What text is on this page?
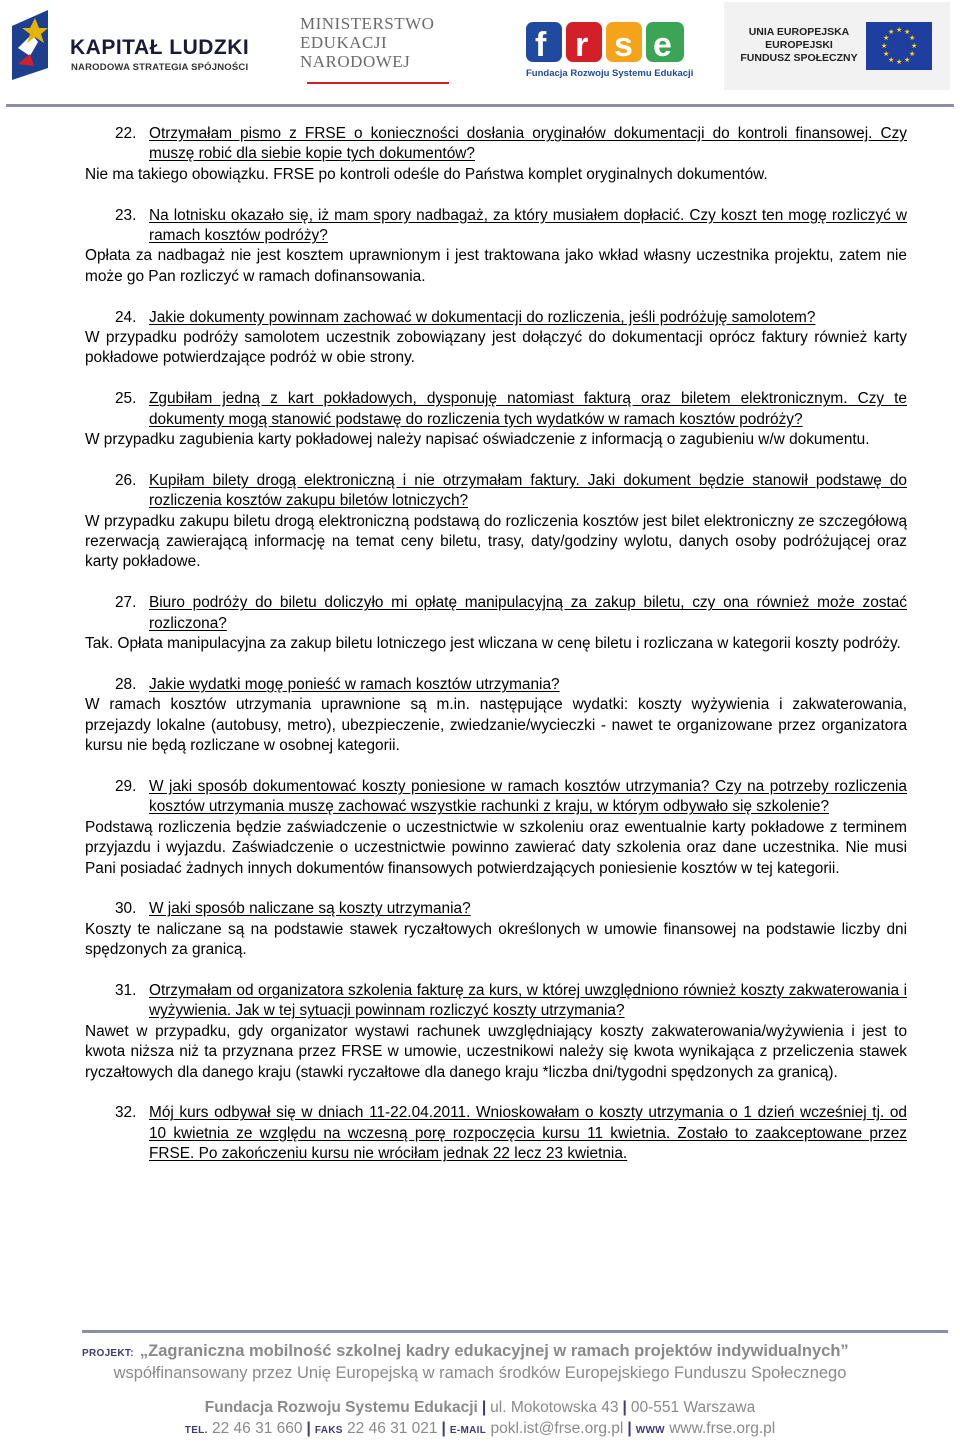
KAPITAŁ LUDZKI
NARODOWA STRATEGIA SPÓJNOŚCI
MINISTERSTWO
EDUKACJI
NARODOWEJ	f r s e
Fundacja Rozwoju Systemu Edukacji
UNIA EUROPEJSKA
EUROPEJSKI
FUNDUSZ SPOŁECZNY
★ ★
★
★
★
★
★
★
★
★
★
★
22. Otrzymałam pismo z FRSE o konieczności dosłania oryginałów dokumentacji do kontroli finansowej. Czy muszę robić dla siebie kopie tych dokumentów?

Nie ma takiego obowiązku. FRSE po kontroli odeśle do Państwa komplet oryginalnych dokumentów.

23. Na lotnisku okazało się, iż mam spory nadbagaż, za który musiałem dopłacić. Czy koszt ten mogę rozliczyć w ramach kosztów podróży?

Opłata za nadbagaż nie jest kosztem uprawnionym i jest traktowana jako wkład własny uczestnika projektu, zatem nie może go Pan rozliczyć w ramach dofinansowania.

24. Jakie dokumenty powinnam zachować w dokumentacji do rozliczenia, jeśli podróżuję samolotem?

W przypadku podróży samolotem uczestnik zobowiązany jest dołączyć do dokumentacji oprócz faktury również karty pokładowe potwierdzające podróż w obie strony.

25. Zgubiłam jedną z kart pokładowych, dysponuję natomiast fakturą oraz biletem elektronicznym. Czy te dokumenty mogą stanowić podstawę do rozliczenia tych wydatków w ramach kosztów podróży?

W przypadku zagubienia karty pokładowej należy napisać oświadczenie z informacją o zagubieniu w/w dokumentu.

26. Kupiłam bilety drogą elektroniczną i nie otrzymałam faktury. Jaki dokument będzie stanowił podstawę do rozliczenia kosztów zakupu biletów lotniczych?

W przypadku zakupu biletu drogą elektroniczną podstawą do rozliczenia kosztów jest bilet elektroniczny ze szczegółową rezerwacją zawierającą informację na temat ceny biletu, trasy, daty/godziny wylotu, danych osoby podróżującej oraz karty pokładowe.

27. Biuro podróży do biletu doliczyło mi opłatę manipulacyjną za zakup biletu, czy ona również może zostać rozliczona?

Tak. Opłata manipulacyjna za zakup biletu lotniczego jest wliczana w cenę biletu i rozliczana w kategorii koszty podróży.

28. Jakie wydatki mogę ponieść w ramach kosztów utrzymania?

W ramach kosztów utrzymania uprawnione są m.in. następujące wydatki: koszty wyżywienia i zakwaterowania, przejazdy lokalne (autobusy, metro), ubezpieczenie, zwiedzanie/wycieczki - nawet te organizowane przez organizatora kursu nie będą rozliczane w osobnej kategorii.

29. W jaki sposób dokumentować koszty poniesione w ramach kosztów utrzymania? Czy na potrzeby rozliczenia kosztów utrzymania muszę zachować wszystkie rachunki z kraju, w którym odbywało się szkolenie?

Podstawą rozliczenia będzie zaświadczenie o uczestnictwie w szkoleniu oraz ewentualnie karty pokładowe z terminem przyjazdu i wyjazdu. Zaświadczenie o uczestnictwie powinno zawierać daty szkolenia oraz dane uczestnika. Nie musi Pani posiadać żadnych innych dokumentów finansowych potwierdzających poniesienie kosztów w tej kategorii.

30. W jaki sposób naliczane są koszty utrzymania?

Koszty te naliczane są na podstawie stawek ryczałtowych określonych w umowie finansowej na podstawie liczby dni spędzonych za granicą.

31. Otrzymałam od organizatora szkolenia fakturę za kurs, w której uwzględniono również koszty zakwaterowania i wyżywienia. Jak w tej sytuacji powinnam rozliczyć koszty utrzymania?

Nawet w przypadku, gdy organizator wystawi rachunek uwzględniający koszty zakwaterowania/wyżywienia i jest to kwota niższa niż ta przyznana przez FRSE w umowie, uczestnikowi należy się kwota wynikająca z przeliczenia stawek ryczałtowych dla danego kraju (stawki ryczałtowe dla danego kraju *liczba dni/tygodni spędzonych za granicą).

32. Mój kurs odbywał się w dniach 11-22.04.2011. Wnioskowałam o koszty utrzymania o 1 dzień wcześniej tj. od 10 kwietnia ze względu na wczesną porę rozpoczęcia kursu 11 kwietnia. Zostało to zaakceptowane przez FRSE. Po zakończeniu kursu nie wróciłam jednak 22 lecz 23 kwietnia.
PROJEKT: „Zagraniczna mobilność szkolnej kadry edukacyjnej w ramach projektów indywidualnych”
współfinansowany przez Unię Europejską w ramach środków Europejskiego Funduszu Społecznego
Fundacja Rozwoju Systemu Edukacji | ul. Mokotowska 43 | 00-551 Warszawa
TEL. 22 46 31 660 | FAKS 22 46 31 021 | E-MAIL pokl.ist@frse.org.pl | WWW www.frse.org.pl
